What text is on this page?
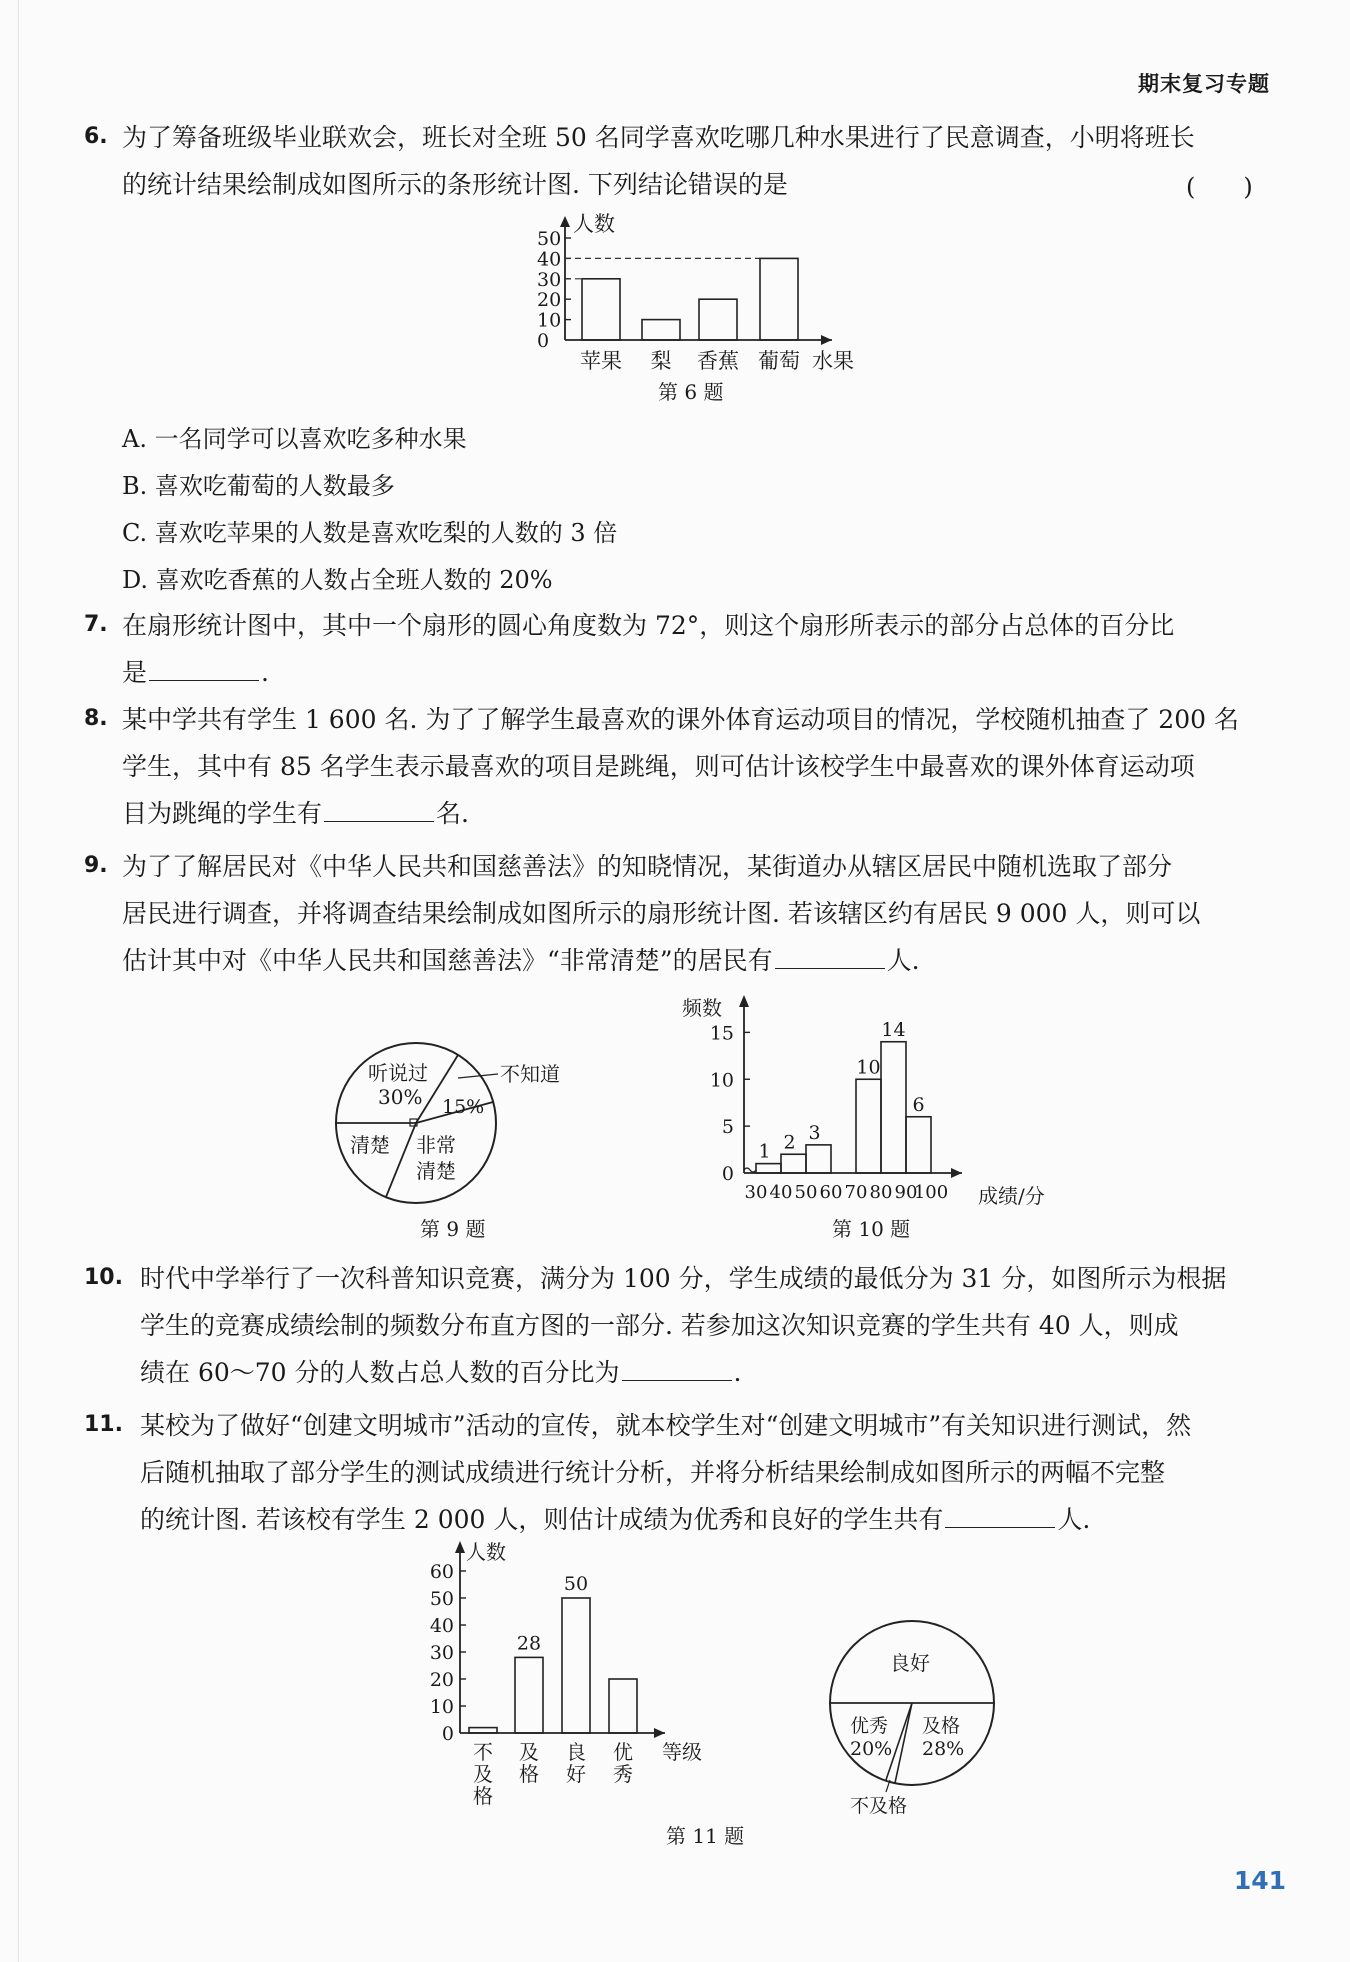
期末复习专题
6. 为了筹备班级毕业联欢会，班长对全班 50 名同学喜欢吃哪几种水果进行了民意调查，小明将班长
的统计结果绘制成如图所示的条形统计图. 下列结论错误的是	(　　)
人数
0
10
20
30
40
50
苹果 梨 香蕉 葡萄 水果
第 6 题
A. 一名同学可以喜欢吃多种水果
B. 喜欢吃葡萄的人数最多
C. 喜欢吃苹果的人数是喜欢吃梨的人数的 3 倍
D. 喜欢吃香蕉的人数占全班人数的 20%
7. 在扇形统计图中，其中一个扇形的圆心角度数为 72°，则这个扇形所表示的部分占总体的百分比
是	.
8. 某中学共有学生 1 600 名. 为了了解学生最喜欢的课外体育运动项目的情况，学校随机抽查了 200 名
学生，其中有 85 名学生表示最喜欢的项目是跳绳，则可估计该校学生中最喜欢的课外体育运动项
目为跳绳的学生有	名.
9. 为了了解居民对《中华人民共和国慈善法》的知晓情况，某街道办从辖区居民中随机选取了部分
居民进行调查，并将调查结果绘制成如图所示的扇形统计图. 若该辖区约有居民 9 000 人，则可以
估计其中对《中华人民共和国慈善法》“非常清楚”的居民有	人.
听说过
30% 15%
不知道
清楚 非常
清楚
第 9 题
频数
0
5
10
15
1 2 3
10
14
6
30 40 50 60 70 80 90
100 成绩/分
第 10 题
10. 时代中学举行了一次科普知识竞赛，满分为 100 分，学生成绩的最低分为 31 分，如图所示为根据
学生的竞赛成绩绘制的频数分布直方图的一部分. 若参加这次知识竞赛的学生共有 40 人，则成
绩在 60～70 分的人数占总人数的百分比为	.
11. 某校为了做好“创建文明城市”活动的宣传，就本校学生对“创建文明城市”有关知识进行测试，然
后随机抽取了部分学生的测试成绩进行统计分析，并将分析结果绘制成如图所示的两幅不完整
的统计图. 若该校有学生 2 000 人，则估计成绩为优秀和良好的学生共有	人.
人数
0
10
20
30
40
50
60
不
及
格
28
及
格
50
良
好
优
秀
等级
良好
优秀
20%
及格
28%
不及格
第 11 题
141
